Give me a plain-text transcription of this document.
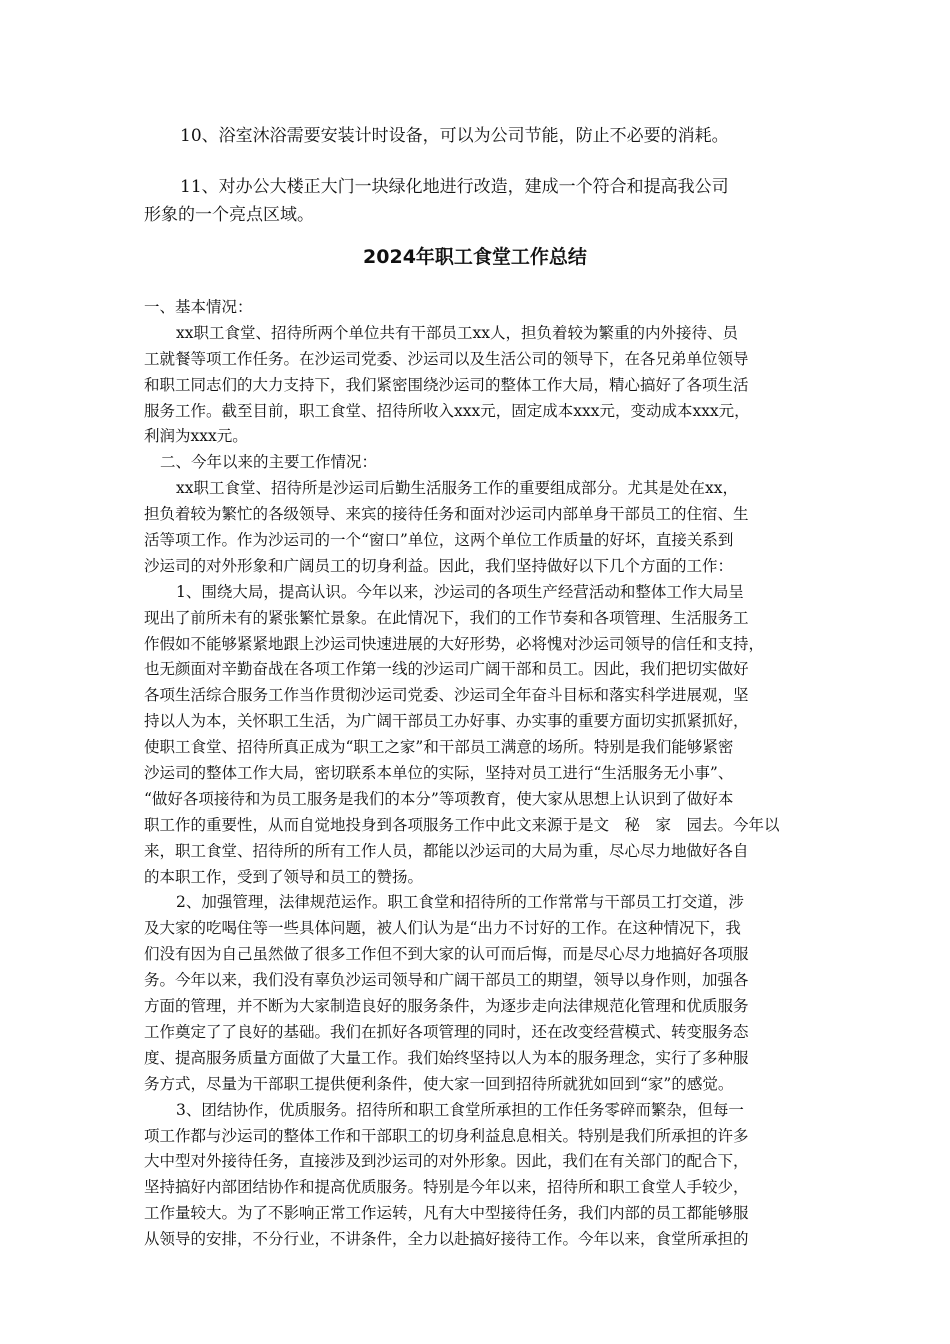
10、浴室沐浴需要安装计时设备，可以为公司节能，防止不必要的消耗。

11、对办公大楼正大门一块绿化地进行改造，建成一个符合和提高我公司

形象的一个亮点区域。

2024年职工食堂工作总结
一、基本情况：
xx职工食堂、招待所两个单位共有干部员工xx人，担负着较为繁重的内外接待、员
工就餐等项工作任务。在沙运司党委、沙运司以及生活公司的领导下，在各兄弟单位领导
和职工同志们的大力支持下，我们紧密围绕沙运司的整体工作大局，精心搞好了各项生活
服务工作。截至目前，职工食堂、招待所收入xxx元，固定成本xxx元，变动成本xxx元，
利润为xxx元。
二、今年以来的主要工作情况：
xx职工食堂、招待所是沙运司后勤生活服务工作的重要组成部分。尤其是处在xx，
担负着较为繁忙的各级领导、来宾的接待任务和面对沙运司内部单身干部员工的住宿、生
活等项工作。作为沙运司的一个“窗口”单位，这两个单位工作质量的好坏，直接关系到
沙运司的对外形象和广阔员工的切身利益。因此，我们坚持做好以下几个方面的工作：
1、围绕大局，提高认识。今年以来，沙运司的各项生产经营活动和整体工作大局呈
现出了前所未有的紧张繁忙景象。在此情况下，我们的工作节奏和各项管理、生活服务工
作假如不能够紧紧地跟上沙运司快速进展的大好形势，必将愧对沙运司领导的信任和支持，
也无颜面对辛勤奋战在各项工作第一线的沙运司广阔干部和员工。因此，我们把切实做好
各项生活综合服务工作当作贯彻沙运司党委、沙运司全年奋斗目标和落实科学进展观，坚
持以人为本，关怀职工生活，为广阔干部员工办好事、办实事的重要方面切实抓紧抓好，
使职工食堂、招待所真正成为“职工之家”和干部员工满意的场所。特别是我们能够紧密
沙运司的整体工作大局，密切联系本单位的实际，坚持对员工进行“生活服务无小事”、
“做好各项接待和为员工服务是我们的本分”等项教育，使大家从思想上认识到了做好本
职工作的重要性，从而自觉地投身到各项服务工作中此文来源于是文　秘　家　园去。今年以
来，职工食堂、招待所的所有工作人员，都能以沙运司的大局为重，尽心尽力地做好各自
的本职工作，受到了领导和员工的赞扬。
2、加强管理，法律规范运作。职工食堂和招待所的工作常常与干部员工打交道，涉
及大家的吃喝住等一些具体问题，被人们认为是“出力不讨好的工作。在这种情况下，我
们没有因为自己虽然做了很多工作但不到大家的认可而后悔，而是尽心尽力地搞好各项服
务。今年以来，我们没有辜负沙运司领导和广阔干部员工的期望，领导以身作则，加强各
方面的管理，并不断为大家制造良好的服务条件，为逐步走向法律规范化管理和优质服务
工作奠定了了良好的基础。我们在抓好各项管理的同时，还在改变经营模式、转变服务态
度、提高服务质量方面做了大量工作。我们始终坚持以人为本的服务理念，实行了多种服
务方式，尽量为干部职工提供便利条件，使大家一回到招待所就犹如回到“家”的感觉。
3、团结协作，优质服务。招待所和职工食堂所承担的工作任务零碎而繁杂，但每一
项工作都与沙运司的整体工作和干部职工的切身利益息息相关。特别是我们所承担的许多
大中型对外接待任务，直接涉及到沙运司的对外形象。因此，我们在有关部门的配合下，
坚持搞好内部团结协作和提高优质服务。特别是今年以来，招待所和职工食堂人手较少，
工作量较大。为了不影响正常工作运转，凡有大中型接待任务，我们内部的员工都能够服
从领导的安排，不分行业，不讲条件，全力以赴搞好接待工作。今年以来，食堂所承担的
